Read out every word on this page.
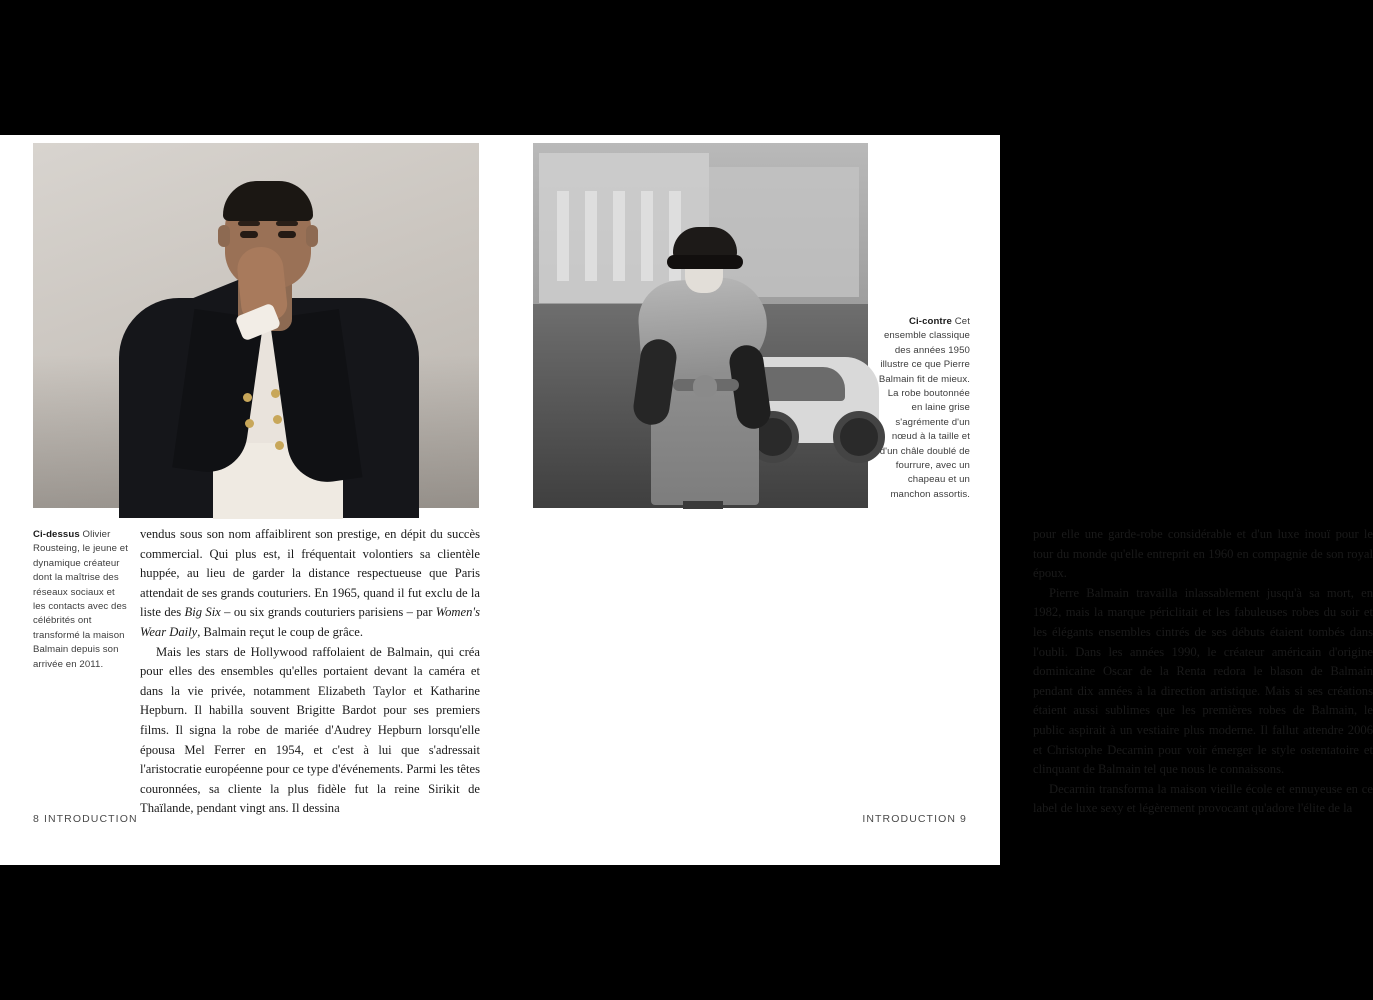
Ci-dessus Olivier Rousteing, le jeune et dynamique créateur dont la maîtrise des réseaux sociaux et les contacts avec des célébrités ont transformé la maison Balmain depuis son arrivée en 2011.

vendus sous son nom affaiblirent son prestige, en dépit du succès commercial. Qui plus est, il fréquentait volontiers sa clientèle huppée, au lieu de garder la distance respectueuse que Paris attendait de ses grands couturiers. En 1965, quand il fut exclu de la liste des Big Six – ou six grands couturiers parisiens – par Women's Wear Daily, Balmain reçut le coup de grâce.

Mais les stars de Hollywood raffolaient de Balmain, qui créa pour elles des ensembles qu'elles portaient devant la caméra et dans la vie privée, notamment Elizabeth Taylor et Katharine Hepburn. Il habilla souvent Brigitte Bardot pour ses premiers films. Il signa la robe de mariée d'Audrey Hepburn lorsqu'elle épousa Mel Ferrer en 1954, et c'est à lui que s'adressait l'aristocratie européenne pour ce type d'événements. Parmi les têtes couronnées, sa cliente la plus fidèle fut la reine Sirikit de Thaïlande, pendant vingt ans. Il dessina

8 INTRODUCTION
Ci-contre Cet ensemble classique des années 1950 illustre ce que Pierre Balmain fit de mieux. La robe boutonnée en laine grise s'agrémente d'un nœud à la taille et d'un châle doublé de fourrure, avec un chapeau et un manchon assortis.

pour elle une garde-robe considérable et d'un luxe inouï pour le tour du monde qu'elle entreprit en 1960 en compagnie de son royal époux.

Pierre Balmain travailla inlassablement jusqu'à sa mort, en 1982, mais la marque périclitait et les fabuleuses robes du soir et les élégants ensembles cintrés de ses débuts étaient tombés dans l'oubli. Dans les années 1990, le créateur américain d'origine dominicaine Oscar de la Renta redora le blason de Balmain pendant dix années à la direction artistique. Mais si ses créations étaient aussi sublimes que les premières robes de Balmain, le public aspirait à un vestiaire plus moderne. Il fallut attendre 2006 et Christophe Decarnin pour voir émerger le style ostentatoire et clinquant de Balmain tel que nous le connaissons.

Decarnin transforma la maison vieille école et ennuyeuse en ce label de luxe sexy et légèrement provocant qu'adore l'élite de la

INTRODUCTION 9
